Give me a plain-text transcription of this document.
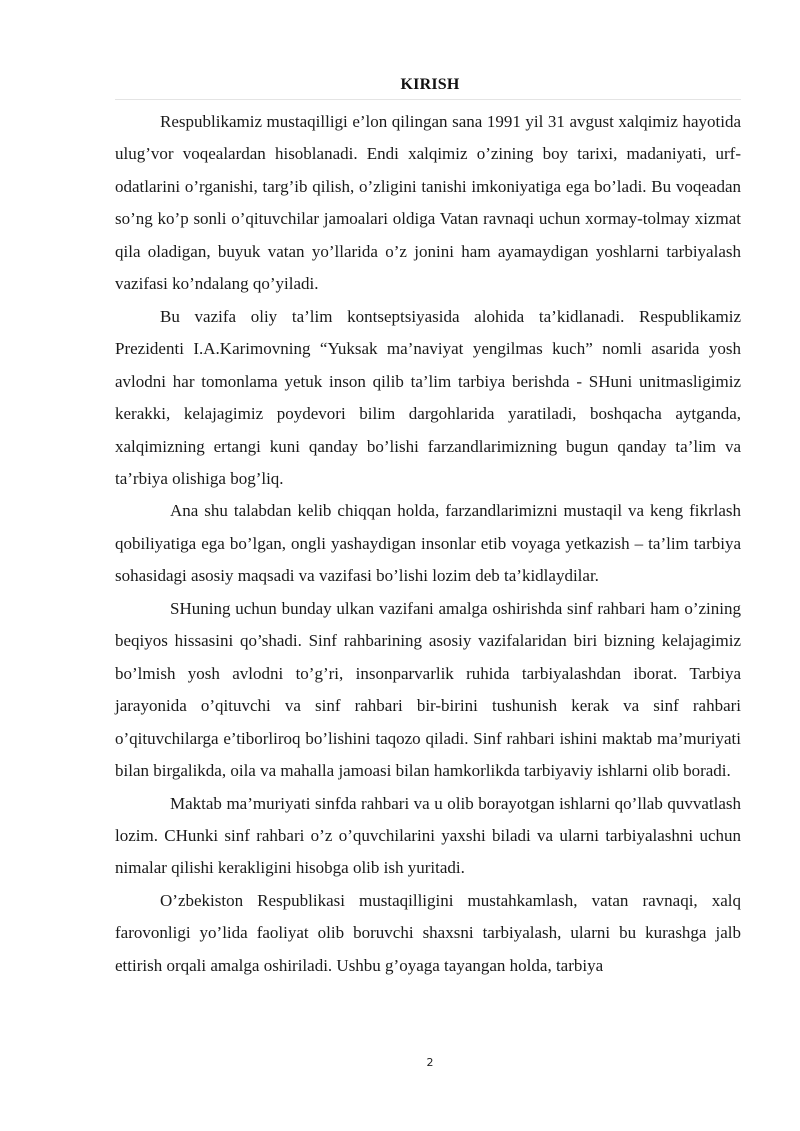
KIRISH

Respublikamiz mustaqilligi e’lon qilingan sana 1991 yil 31 avgust xalqimiz hayotida ulug’vor voqealardan hisoblanadi. Endi xalqimiz o’zining boy tarixi, madaniyati, urf-odatlarini o’rganishi, targ’ib qilish, o’zligini tanishi imkoniyatiga ega bo’ladi. Bu voqeadan so’ng ko’p sonli o’qituvchilar jamoalari oldiga Vatan ravnaqi uchun xormay-tolmay xizmat qila oladigan, buyuk vatan yo’llarida o’z jonini ham ayamaydigan yoshlarni tarbiyalash vazifasi ko’ndalang qo’yiladi.

Bu vazifa oliy ta’lim kontseptsiyasida alohida ta’kidlanadi. Respublikamiz Prezidenti I.A.Karimovning “Yuksak ma’naviyat yengilmas kuch” nomli asarida yosh avlodni har tomonlama yetuk inson qilib ta’lim tarbiya berishda - SHuni unitmasligimiz kerakki, kelajagimiz poydevori bilim dargohlarida yaratiladi, boshqacha aytganda, xalqimizning ertangi kuni qanday bo’lishi farzandlarimizning bugun qanday ta’lim va ta’rbiya olishiga bog’liq.

Ana shu talabdan kelib chiqqan holda, farzandlarimizni mustaqil va keng fikrlash qobiliyatiga ega bo’lgan, ongli yashaydigan insonlar etib voyaga yetkazish – ta’lim tarbiya sohasidagi asosiy maqsadi va vazifasi bo’lishi lozim deb ta’kidlaydilar.

SHuning uchun bunday ulkan vazifani amalga oshirishda sinf rahbari ham o’zining beqiyos hissasini qo’shadi. Sinf rahbarining asosiy vazifalaridan biri bizning kelajagimiz bo’lmish yosh avlodni to’g’ri, insonparvarlik ruhida tarbiyalashdan iborat. Tarbiya jarayonida o’qituvchi va sinf rahbari bir-birini tushunish kerak va sinf rahbari o’qituvchilarga e’tiborliroq bo’lishini taqozo qiladi. Sinf rahbari ishini maktab ma’muriyati bilan birgalikda, oila va mahalla jamoasi bilan hamkorlikda tarbiyaviy ishlarni olib boradi.

Maktab ma’muriyati sinfda rahbari va u olib borayotgan ishlarni qo’llab quvvatlash lozim. CHunki sinf rahbari o’z o’quvchilarini yaxshi biladi va ularni tarbiyalashni uchun nimalar qilishi kerakligini hisobga olib ish yuritadi.

O’zbekiston Respublikasi mustaqilligini mustahkamlash, vatan ravnaqi, xalq farovonligi yo’lida faoliyat olib boruvchi shaxsni tarbiyalash, ularni bu kurashga jalb ettirish orqali amalga oshiriladi. Ushbu g’oyaga tayangan holda, tarbiya

2
